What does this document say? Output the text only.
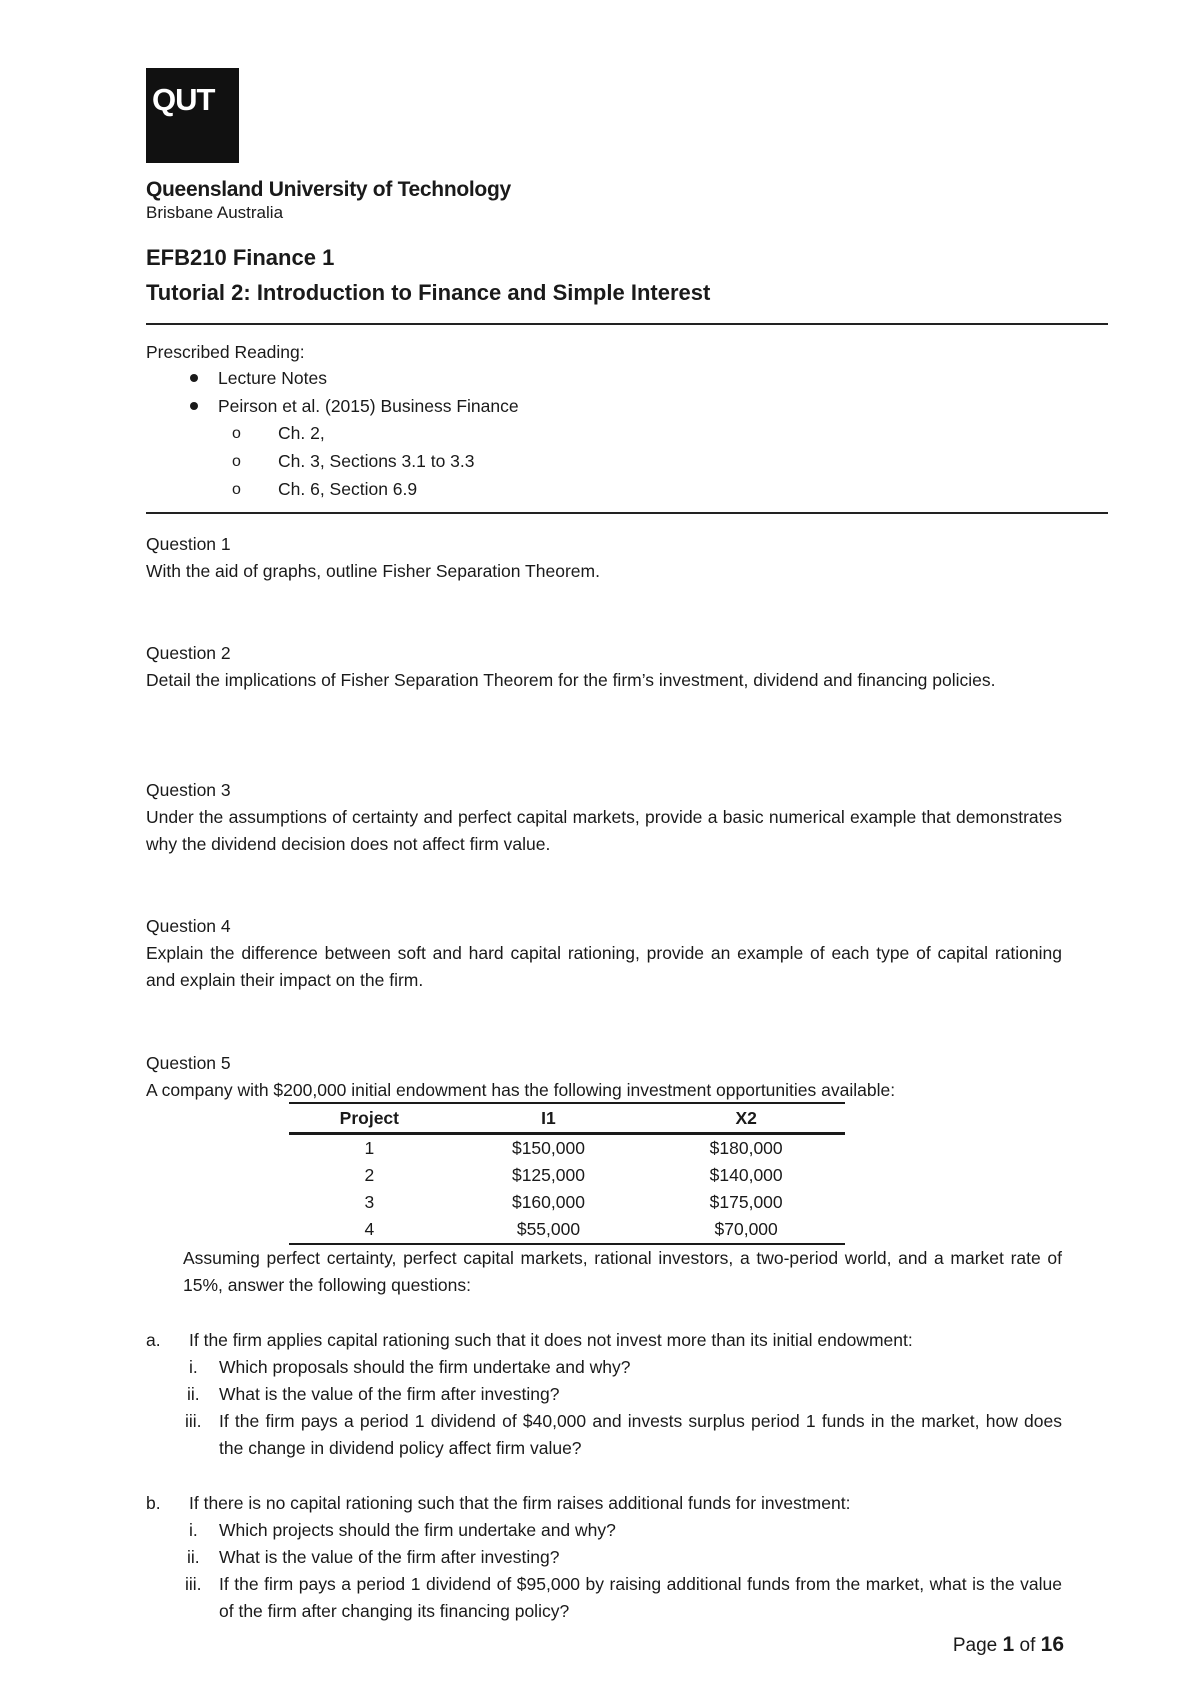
QUT
Queensland University of Technology
Brisbane Australia
EFB210 Finance 1
Tutorial 2: Introduction to Finance and Simple Interest
Prescribed Reading:
Lecture Notes
Peirson et al. (2015) Business Finance
o Ch. 2,
o Ch. 3, Sections 3.1 to 3.3
o Ch. 6, Section 6.9
Question 1
With the aid of graphs, outline Fisher Separation Theorem.
Question 2
Detail the implications of Fisher Separation Theorem for the firm’s investment, dividend and financing policies.
Question 3
Under the assumptions of certainty and perfect capital markets, provide a basic numerical example that demonstrates why the dividend decision does not affect firm value.
Question 4
Explain the difference between soft and hard capital rationing, provide an example of each type of capital rationing and explain their impact on the firm.
Question 5
A company with $200,000 initial endowment has the following investment opportunities available:
Project	I1	X2
1	$150,000	$180,000
2	$125,000	$140,000
3	$160,000	$175,000
4	$55,000	$70,000
Assuming perfect certainty, perfect capital markets, rational investors, a two-period world, and a market rate of 15%, answer the following questions:
a. If the firm applies capital rationing such that it does not invest more than its initial endowment:
i. Which proposals should the firm undertake and why?
ii. What is the value of the firm after investing?
iii. If the firm pays a period 1 dividend of $40,000 and invests surplus period 1 funds in the market, how does the change in dividend policy affect firm value?
b. If there is no capital rationing such that the firm raises additional funds for investment:
i. Which projects should the firm undertake and why?
ii. What is the value of the firm after investing?
iii. If the firm pays a period 1 dividend of $95,000 by raising additional funds from the market, what is the value of the firm after changing its financing policy?
Page 1 of 16
